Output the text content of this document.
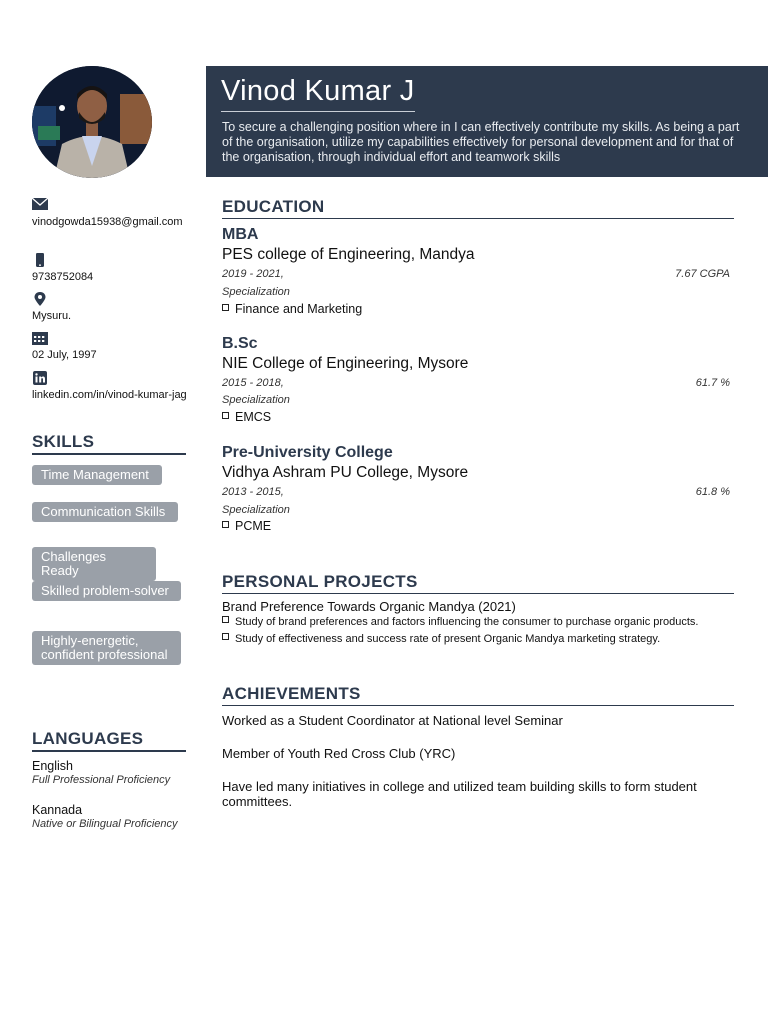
vinodgowda15938@gmail.com
9738752084
Mysuru.
02 July, 1997
linkedin.com/in/vinod-kumar-jag
SKILLS
Time Management
Communication Skills
Challenges Ready
Skilled problem-solver
Highly-energetic, confident professional
LANGUAGES
English
Full Professional Proficiency
Kannada
Native or Bilingual Proficiency
Vinod Kumar J
To secure a challenging position where in I can effectively contribute my skills. As being a part of the organisation, utilize my capabilities effectively for personal development and for that of the organisation, through individual effort and teamwork skills
EDUCATION
MBA
PES college of Engineering, Mandya
2019 - 2021,	7.67 CGPA
Specialization
Finance and Marketing
B.Sc
NIE College of Engineering, Mysore
2015 - 2018,	61.7 %
Specialization
EMCS
Pre-University College
Vidhya Ashram PU College, Mysore
2013 - 2015,	61.8 %
Specialization
PCME
PERSONAL PROJECTS
Brand Preference Towards Organic Mandya (2021)
Study of brand preferences and factors influencing the consumer to purchase organic products.
Study of effectiveness and success rate of present Organic Mandya marketing strategy.
ACHIEVEMENTS
Worked as a Student Coordinator at National level Seminar
Member of Youth Red Cross Club (YRC)
Have led many initiatives in college and utilized team building skills to form student committees.
